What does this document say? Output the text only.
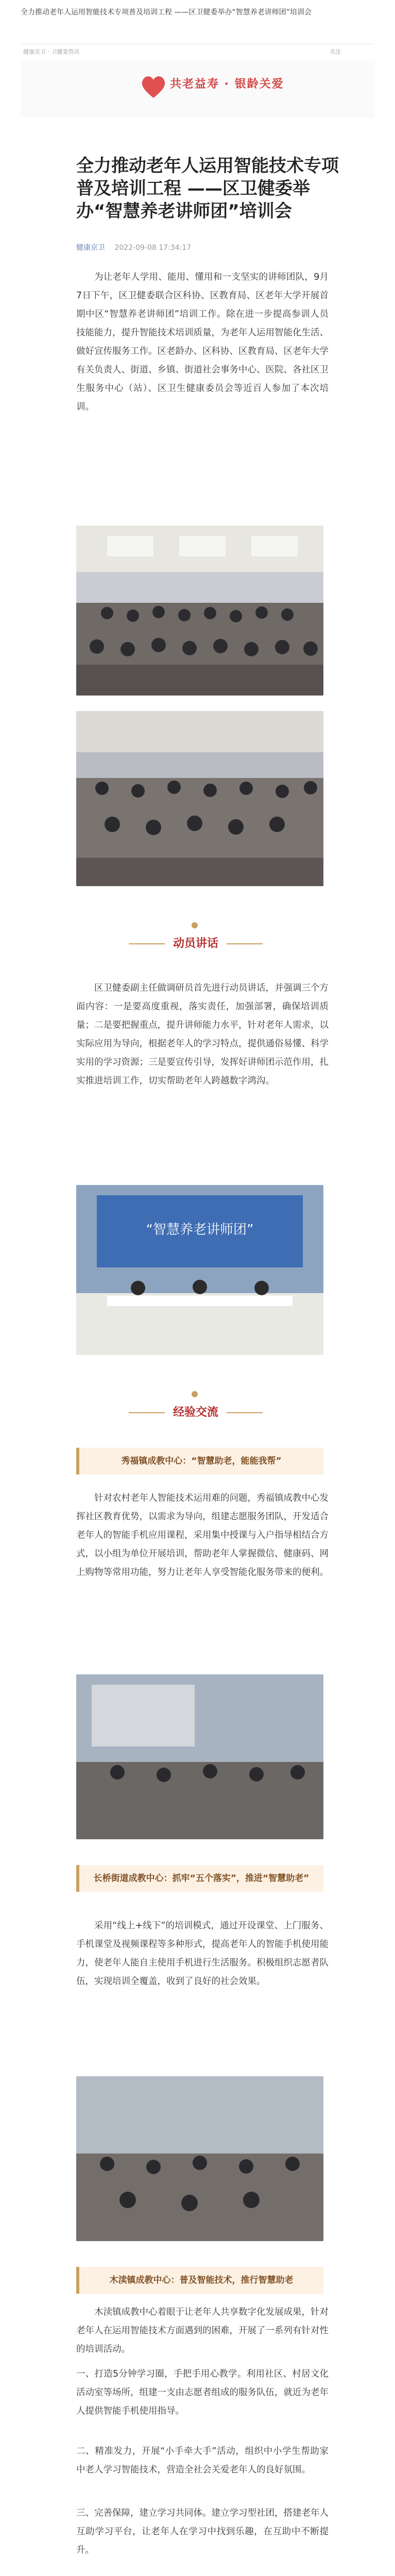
全力推动老年人运用智能技术专项普及培训工程 ——区卫健委举办“智慧养老讲师团”培训会
健康京卫 · 卫健委资讯	关注
共老益寿 · 银龄关爱
全力推动老年人运用智能技术专项普及培训工程 ——区卫健委举办“智慧养老讲师团”培训会
健康京卫 2022-09-08 17:34:17
为让老年人学用、能用、懂用和一支坚实的讲师团队，9月7日下午，区卫健委联合区科协、区教育局、区老年大学开展首期中区“智慧养老讲师团”培训工作。除在进一步提高参训人员技能能力，提升智能技术培训质量，为老年人运用智能化生活、做好宣传服务工作。区老龄办、区科协、区教育局、区老年大学有关负责人、街道、乡镇、街道社会事务中心、医院、各社区卫生服务中心（站）、区卫生健康委员会等近百人参加了本次培训。
动员讲话
区卫健委副主任做调研员首先进行动员讲话，并强调三个方面内容：一是要高度重视，落实责任，加强部署，确保培训质量；二是要把握重点，提升讲师能力水平，针对老年人需求，以实际应用为导向，根据老年人的学习特点，提供通俗易懂、科学实用的学习资源；三是要宣传引导，发挥好讲师团示范作用，扎实推进培训工作，切实帮助老年人跨越数字鸿沟。
“智慧养老讲师团”
经验交流
秀福镇成教中心：“智慧助老，能能我帮”
针对农村老年人智能技术运用难的问题，秀福镇成教中心发挥社区教育优势，以需求为导向，组建志愿服务团队，开发适合老年人的智能手机应用课程，采用集中授课与入户指导相结合方式，以小组为单位开展培训，帮助老年人掌握微信、健康码、网上购物等常用功能，努力让老年人享受智能化服务带来的便利。
长桥街道成教中心：抓牢“五个落实”，推进“智慧助老”
采用“线上+线下”的培训模式，通过开设课堂、上门服务、手机课堂及视频课程等多种形式，提高老年人的智能手机使用能力，使老年人能自主使用手机进行生活服务。积极组织志愿者队伍，实现培训全覆盖，收到了良好的社会效果。
木渎镇成教中心：普及智能技术，推行智慧助老
木渎镇成教中心着眼于让老年人共享数字化发展成果，针对老年人在运用智能技术方面遇到的困难，开展了一系列有针对性的培训活动。
一、打造5分钟学习圈，手把手用心教学。利用社区、村居文化活动室等场所，组建一支由志愿者组成的服务队伍，就近为老年人提供智能手机使用指导。
二、精准发力，开展“小手牵大手”活动，组织中小学生帮助家中老人学习智能技术，营造全社会关爱老年人的良好氛围。
三、完善保障，建立学习共同体。建立学习型社团，搭建老年人互助学习平台，让老年人在学习中找到乐趣，在互助中不断提升。
